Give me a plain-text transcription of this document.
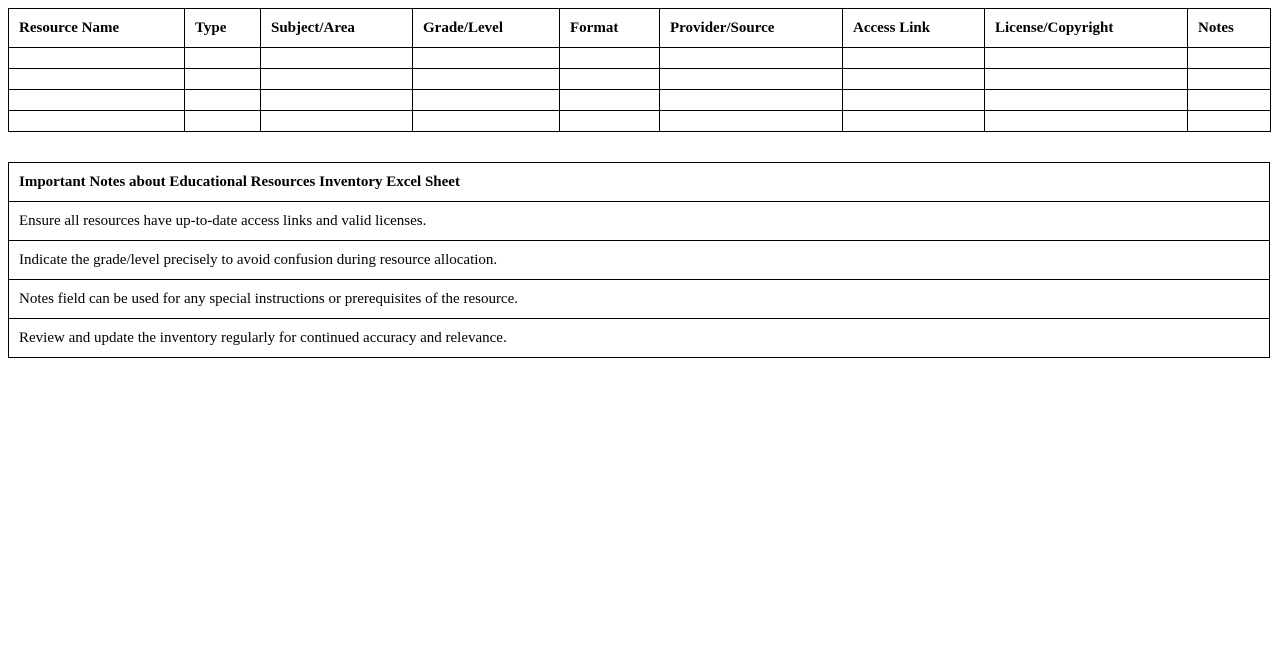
Resource Name	Type	Subject/Area	Grade/Level	Format	Provider/Source	Access Link	License/Copyright	Notes

Important Notes about Educational Resources Inventory Excel Sheet
Ensure all resources have up-to-date access links and valid licenses.
Indicate the grade/level precisely to avoid confusion during resource allocation.
Notes field can be used for any special instructions or prerequisites of the resource.
Review and update the inventory regularly for continued accuracy and relevance.
